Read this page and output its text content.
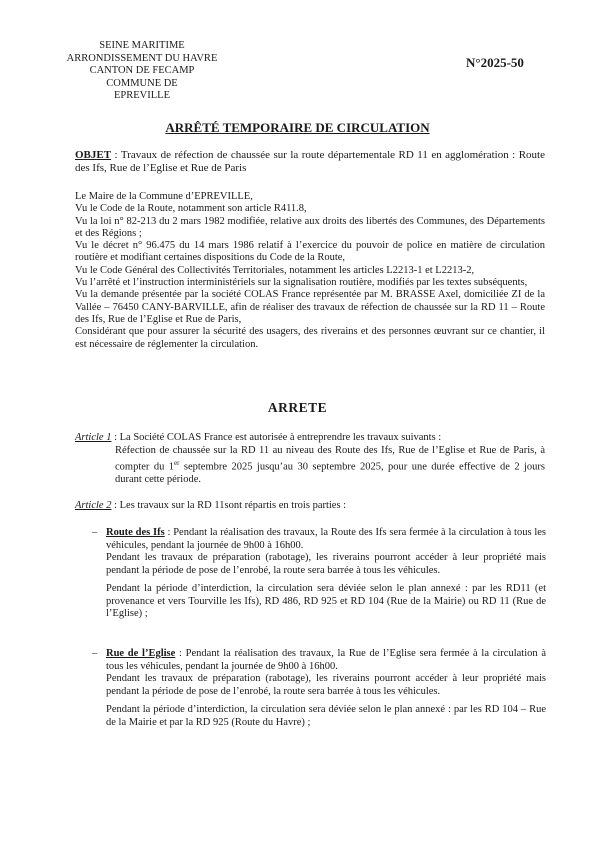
SEINE MARITIME
ARRONDISSEMENT DU HAVRE
CANTON DE FECAMP
COMMUNE DE
EPREVILLE
N°2025-50
ARRÊTÉ TEMPORAIRE DE CIRCULATION
OBJET : Travaux de réfection de chaussée sur la route départementale RD 11 en agglomération : Route des Ifs, Rue de l’Eglise et Rue de Paris

Le Maire de la Commune d’EPREVILLE,

Vu le Code de la Route, notamment son article R411.8,

Vu la loi n° 82-213 du 2 mars 1982 modifiée, relative aux droits des libertés des Communes, des Départements et des Régions ;

Vu le décret n° 96.475 du 14 mars 1986 relatif à l’exercice du pouvoir de police en matière de circulation routière et modifiant certaines dispositions du Code de la Route,

Vu le Code Général des Collectivités Territoriales, notamment les articles L2213-1 et L2213-2,

Vu l’arrêté et l’instruction interministériels sur la signalisation routière, modifiés par les textes subséquents,

Vu la demande présentée par la société COLAS France représentée par M. BRASSE Axel, domiciliée ZI de la Vallée – 76450 CANY-BARVILLE, afin de réaliser des travaux de réfection de chaussée sur la RD 11 – Route des Ifs, Rue de l’Eglise et Rue de Paris,

Considérant que pour assurer la sécurité des usagers, des riverains et des personnes œuvrant sur ce chantier, il est nécessaire de réglementer la circulation.

ARRETE
Article 1 : La Société COLAS France est autorisée à entreprendre les travaux suivants :

Réfection de chaussée sur la RD 11 au niveau des Route des Ifs, Rue de l’Eglise et Rue de Paris, à compter du 1er septembre 2025 jusqu’au 30 septembre 2025, pour une durée effective de 2 jours durant cette période.

Article 2 : Les travaux sur la RD 11sont répartis en trois parties :
– Route des Ifs : Pendant la réalisation des travaux, la Route des Ifs sera fermée à la circulation à tous les véhicules, pendant la journée de 9h00 à 16h00.

Pendant les travaux de préparation (rabotage), les riverains pourront accéder à leur propriété mais pendant la période de pose de l’enrobé, la route sera barrée à tous les véhicules.

Pendant la période d’interdiction, la circulation sera déviée selon le plan annexé : par les RD11 (et provenance et vers Tourville les Ifs), RD 486, RD 925 et RD 104 (Rue de la Mairie) ou RD 11 (Rue de l’Eglise) ;

– Rue de l’Eglise : Pendant la réalisation des travaux, la Rue de l’Eglise sera fermée à la circulation à tous les véhicules, pendant la journée de 9h00 à 16h00.

Pendant les travaux de préparation (rabotage), les riverains pourront accéder à leur propriété mais pendant la période de pose de l’enrobé, la route sera barrée à tous les véhicules.

Pendant la période d’interdiction, la circulation sera déviée selon le plan annexé : par les RD 104 – Rue de la Mairie et par la RD 925 (Route du Havre) ;
